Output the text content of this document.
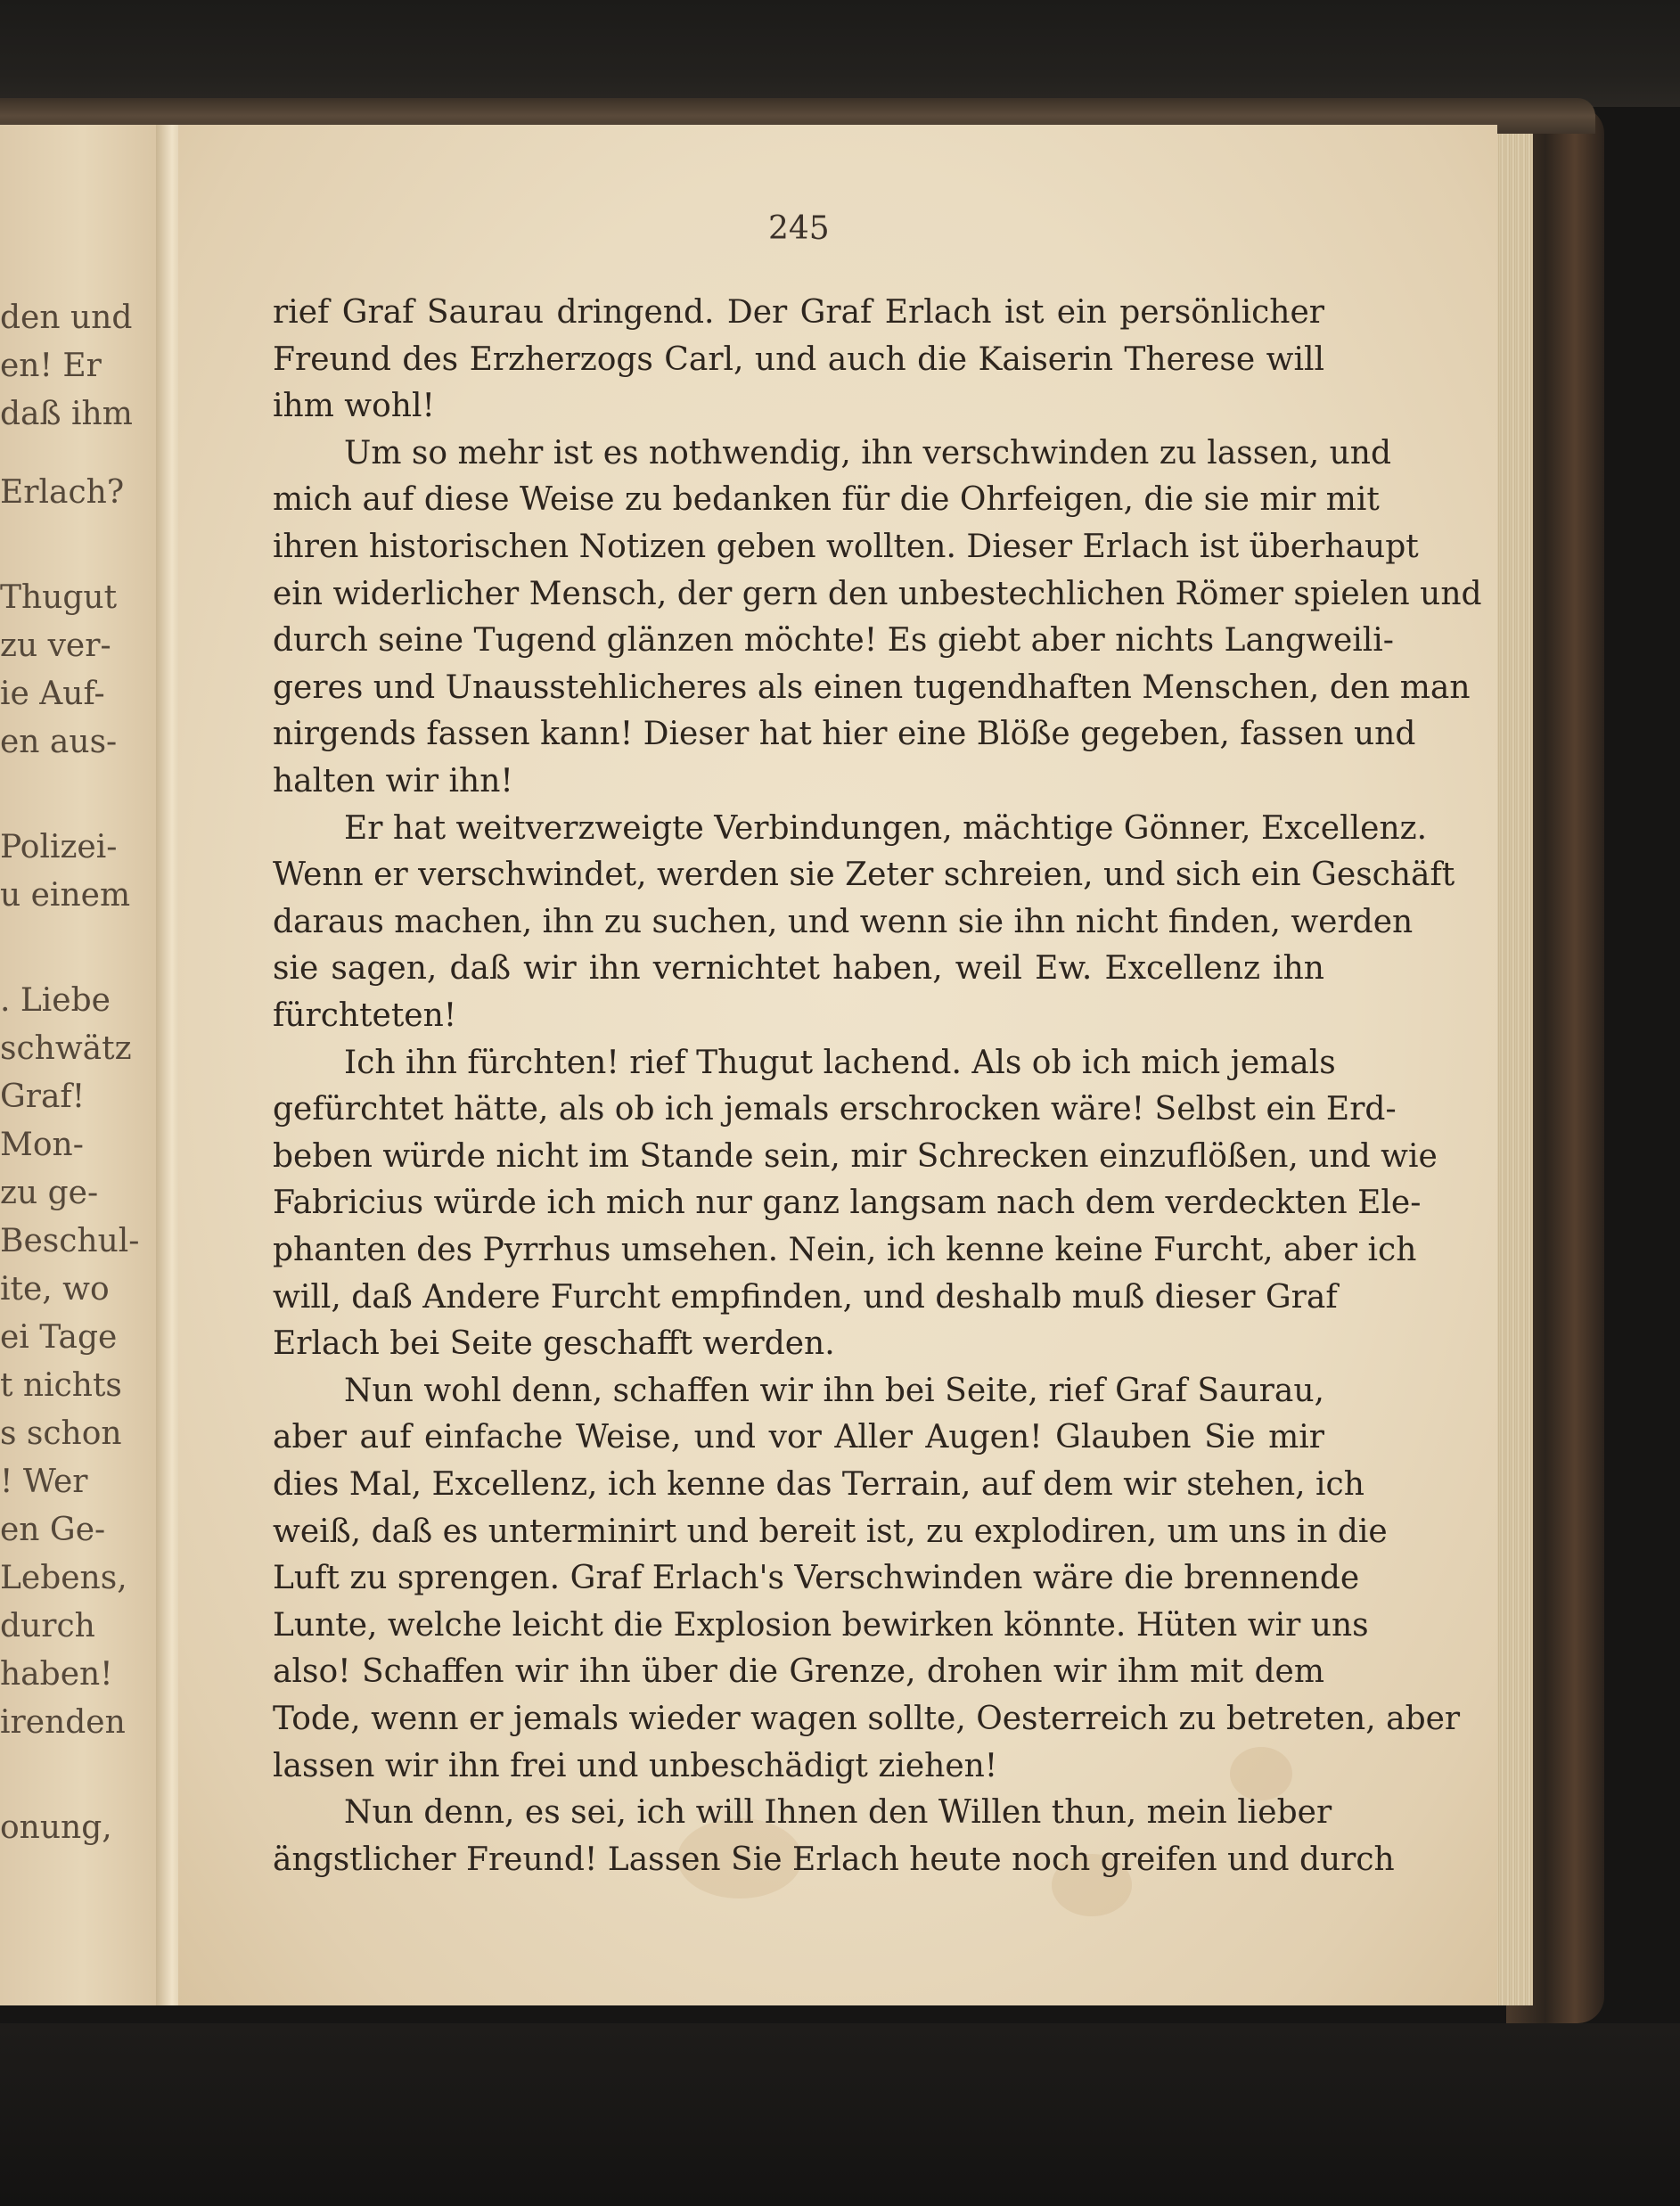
den und
en! Er
daß ihm
Erlach?
Thugut
zu ver-
ie Auf-
en aus-
Polizei-
u einem
. Liebe
schwätz
Graf!
Mon-
zu ge-
Beschul-
ite, wo
ei Tage
t nichts
s schon
! Wer
en Ge-
Lebens,
durch
haben!
irenden
onung,
245
rief Graf Saurau dringend. Der Graf Erlach ist ein persönlicher
Freund des Erzherzogs Carl, und auch die Kaiserin Therese will
ihm wohl!
Um so mehr ist es nothwendig, ihn verschwinden zu lassen, und
mich auf diese Weise zu bedanken für die Ohrfeigen, die sie mir mit
ihren historischen Notizen geben wollten. Dieser Erlach ist überhaupt
ein widerlicher Mensch, der gern den unbestechlichen Römer spielen und
durch seine Tugend glänzen möchte! Es giebt aber nichts Langweili-
geres und Unausstehlicheres als einen tugendhaften Menschen, den man
nirgends fassen kann! Dieser hat hier eine Blöße gegeben, fassen und
halten wir ihn!
Er hat weitverzweigte Verbindungen, mächtige Gönner, Excellenz.
Wenn er verschwindet, werden sie Zeter schreien, und sich ein Geschäft
daraus machen, ihn zu suchen, und wenn sie ihn nicht finden, werden
sie sagen, daß wir ihn vernichtet haben, weil Ew. Excellenz ihn
fürchteten!
Ich ihn fürchten! rief Thugut lachend. Als ob ich mich jemals
gefürchtet hätte, als ob ich jemals erschrocken wäre! Selbst ein Erd-
beben würde nicht im Stande sein, mir Schrecken einzuflößen, und wie
Fabricius würde ich mich nur ganz langsam nach dem verdeckten Ele-
phanten des Pyrrhus umsehen. Nein, ich kenne keine Furcht, aber ich
will, daß Andere Furcht empfinden, und deshalb muß dieser Graf
Erlach bei Seite geschafft werden.
Nun wohl denn, schaffen wir ihn bei Seite, rief Graf Saurau,
aber auf einfache Weise, und vor Aller Augen! Glauben Sie mir
dies Mal, Excellenz, ich kenne das Terrain, auf dem wir stehen, ich
weiß, daß es unterminirt und bereit ist, zu explodiren, um uns in die
Luft zu sprengen. Graf Erlach's Verschwinden wäre die brennende
Lunte, welche leicht die Explosion bewirken könnte. Hüten wir uns
also! Schaffen wir ihn über die Grenze, drohen wir ihm mit dem
Tode, wenn er jemals wieder wagen sollte, Oesterreich zu betreten, aber
lassen wir ihn frei und unbeschädigt ziehen!
Nun denn, es sei, ich will Ihnen den Willen thun, mein lieber
ängstlicher Freund! Lassen Sie Erlach heute noch greifen und durch
